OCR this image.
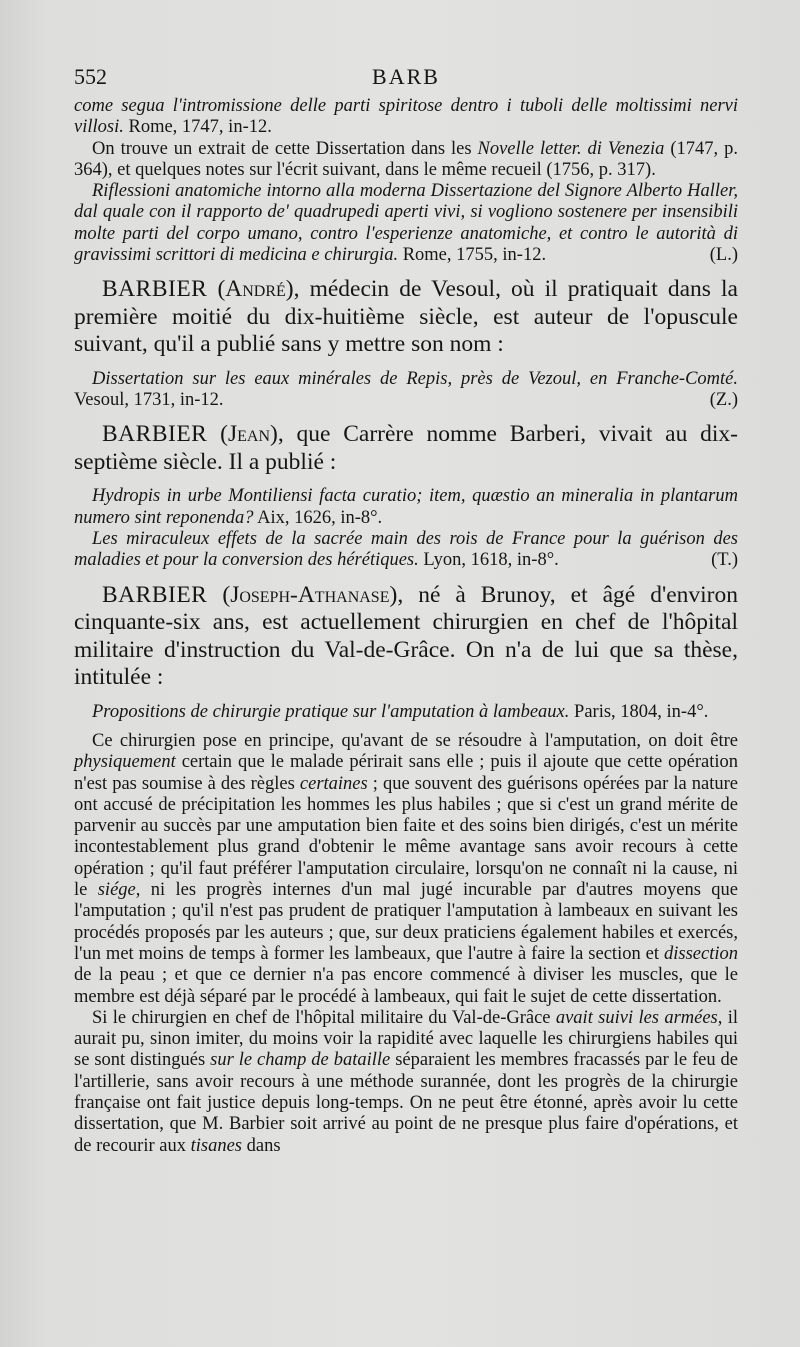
552	BARB

come segua l'intromissione delle parti spiritose dentro i tuboli delle moltissimi nervi villosi. Rome, 1747, in-12.

On trouve un extrait de cette Dissertation dans les Novelle letter. di Venezia (1747, p. 364), et quelques notes sur l'écrit suivant, dans le même recueil (1756, p. 317).

Riflessioni anatomiche intorno alla moderna Dissertazione del Signore Alberto Haller, dal quale con il rapporto de' quadrupedi aperti vivi, si vogliono sostenere per insensibili molte parti del corpo umano, contro l'esperienze anatomiche, et contro le autorità di gravissimi scrittori di medicina e chirurgia. Rome, 1755, in-12.	(L.)

BARBIER (André), médecin de Vesoul, où il pratiquait dans la première moitié du dix-huitième siècle, est auteur de l'opuscule suivant, qu'il a publié sans y mettre son nom :

Dissertation sur les eaux minérales de Repis, près de Vezoul, en Franche-Comté. Vesoul, 1731, in-12.	(Z.)

BARBIER (Jean), que Carrère nomme Barberi, vivait au dix-septième siècle. Il a publié :

Hydropis in urbe Montiliensi facta curatio; item, quæstio an mineralia in plantarum numero sint reponenda? Aix, 1626, in-8°.

Les miraculeux effets de la sacrée main des rois de France pour la guérison des maladies et pour la conversion des hérétiques. Lyon, 1618, in-8°.	(T.)

BARBIER (Joseph-Athanase), né à Brunoy, et âgé d'environ cinquante-six ans, est actuellement chirurgien en chef de l'hôpital militaire d'instruction du Val-de-Grâce. On n'a de lui que sa thèse, intitulée :

Propositions de chirurgie pratique sur l'amputation à lambeaux. Paris, 1804, in-4°.

Ce chirurgien pose en principe, qu'avant de se résoudre à l'amputation, on doit être physiquement certain que le malade périrait sans elle ; puis il ajoute que cette opération n'est pas soumise à des règles certaines ; que souvent des guérisons opérées par la nature ont accusé de précipitation les hommes les plus habiles ; que si c'est un grand mérite de parvenir au succès par une amputation bien faite et des soins bien dirigés, c'est un mérite incontestablement plus grand d'obtenir le même avantage sans avoir recours à cette opération ; qu'il faut préférer l'amputation circulaire, lorsqu'on ne connaît ni la cause, ni le siége, ni les progrès internes d'un mal jugé incurable par d'autres moyens que l'amputation ; qu'il n'est pas prudent de pratiquer l'amputation à lambeaux en suivant les procédés proposés par les auteurs ; que, sur deux praticiens également habiles et exercés, l'un met moins de temps à former les lambeaux, que l'autre à faire la section et dissection de la peau ; et que ce dernier n'a pas encore commencé à diviser les muscles, que le membre est déjà séparé par le procédé à lambeaux, qui fait le sujet de cette dissertation.

Si le chirurgien en chef de l'hôpital militaire du Val-de-Grâce avait suivi les armées, il aurait pu, sinon imiter, du moins voir la rapidité avec laquelle les chirurgiens habiles qui se sont distingués sur le champ de bataille séparaient les membres fracassés par le feu de l'artillerie, sans avoir recours à une méthode surannée, dont les progrès de la chirurgie française ont fait justice depuis long-temps. On ne peut être étonné, après avoir lu cette dissertation, que M. Barbier soit arrivé au point de ne presque plus faire d'opérations, et de recourir aux tisanes dans
